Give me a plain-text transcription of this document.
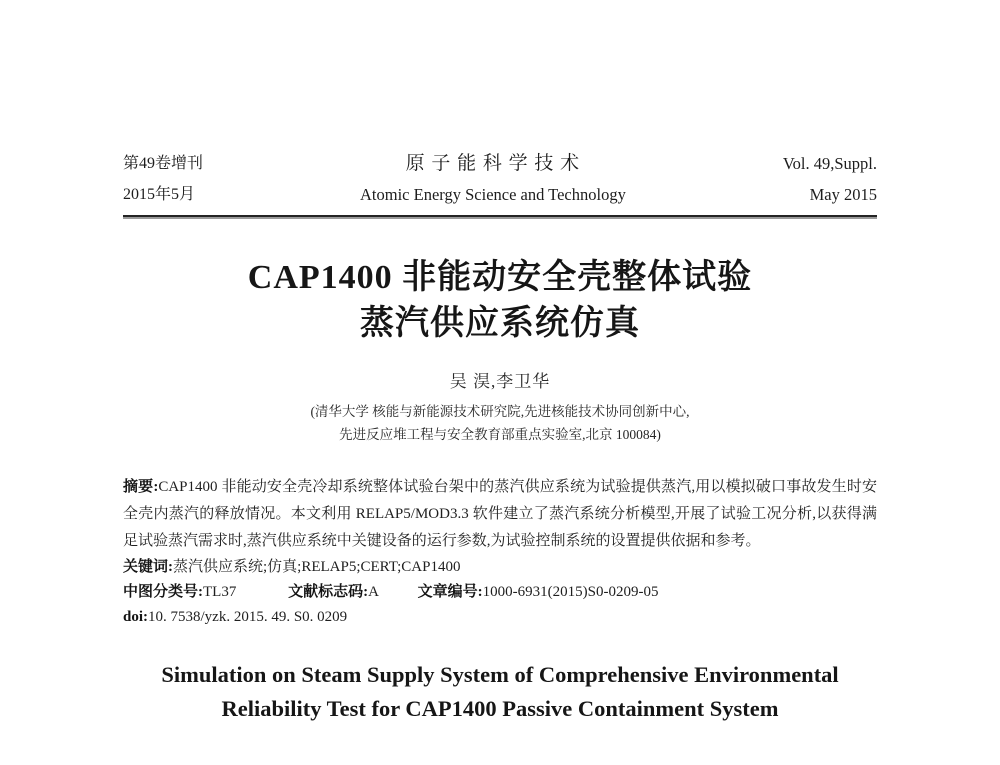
第49卷增刊
2015年5月
原 子 能 科 学 技 术
Atomic Energy Science and Technology
Vol. 49,Suppl.
May 2015
CAP1400 非能动安全壳整体试验
蒸汽供应系统仿真
吴 淏,李卫华
(清华大学 核能与新能源技术研究院,先进核能技术协同创新中心,
先进反应堆工程与安全教育部重点实验室,北京 100084)

摘要:CAP1400 非能动安全壳冷却系统整体试验台架中的蒸汽供应系统为试验提供蒸汽,用以模拟破口事故发生时安全壳内蒸汽的释放情况。本文利用 RELAP5/MOD3.3 软件建立了蒸汽系统分析模型,开展了试验工况分析,以获得满足试验蒸汽需求时,蒸汽供应系统中关键设备的运行参数,为试验控制系统的设置提供依据和参考。

关键词:蒸汽供应系统;仿真;RELAP5;CERT;CAP1400
中图分类号:TL37	文献标志码:A	文章编号:1000-6931(2015)S0-0209-05
doi:10. 7538/yzk. 2015. 49. S0. 0209
Simulation on Steam Supply System of Comprehensive Environmental
Reliability Test for CAP1400 Passive Containment System
